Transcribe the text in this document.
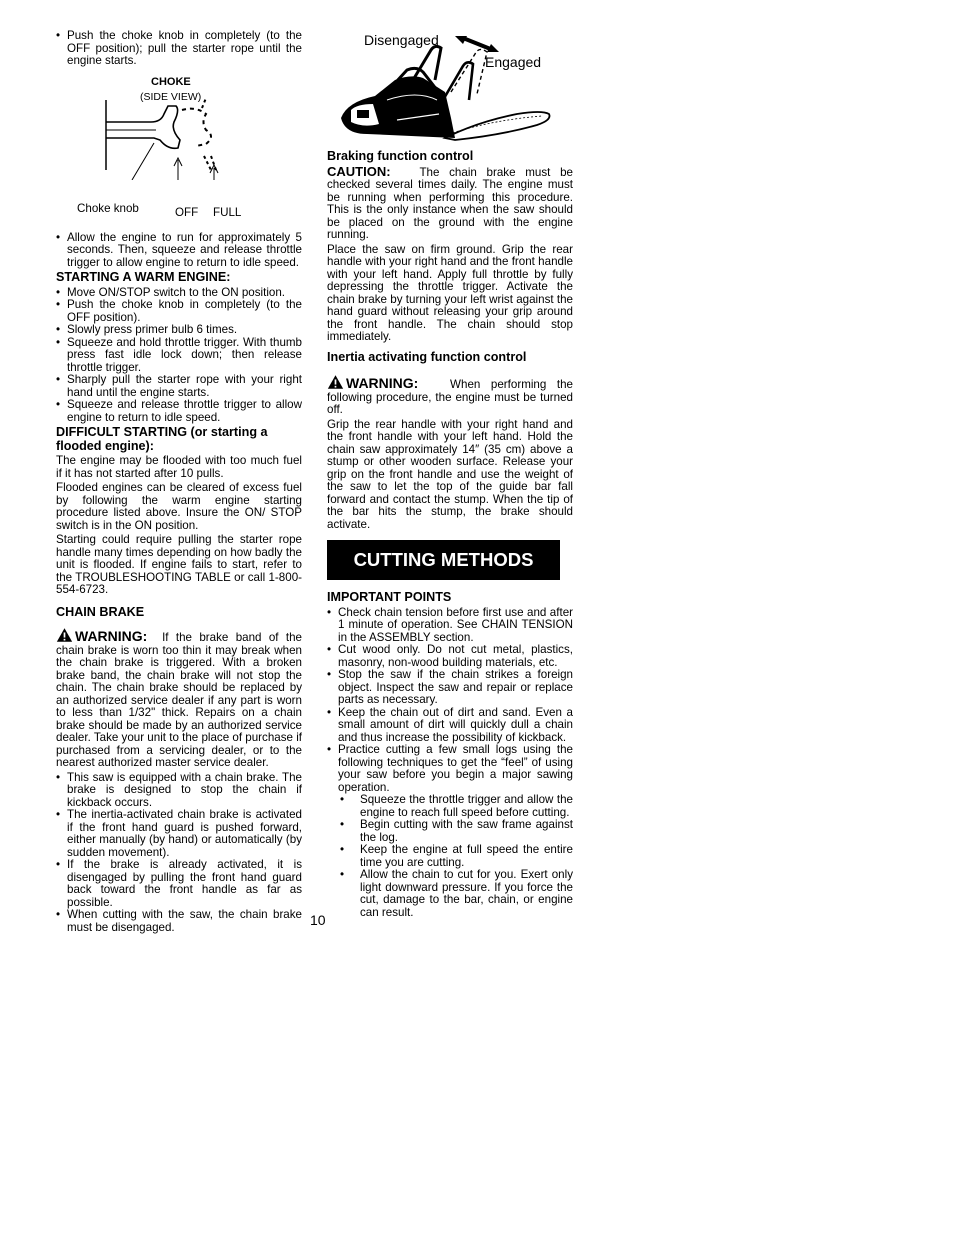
• Push the choke knob in completely (to the OFF position); pull the starter rope until the engine starts.
CHOKE
(SIDE VIEW)
Choke knob	OFF FULL
• Allow the engine to run for approximately 5 seconds. Then, squeeze and release throttle trigger to allow engine to return to idle speed.
STARTING A WARM ENGINE:
• Move ON/STOP switch to the ON position.
• Push the choke knob in completely (to the OFF position).
• Slowly press primer bulb 6 times.
• Squeeze and hold throttle trigger. With thumb press fast idle lock down; then release throttle trigger.
• Sharply pull the starter rope with your right hand until the engine starts.
• Squeeze and release throttle trigger to allow engine to return to idle speed.
DIFFICULT STARTING (or starting a flooded engine):

The engine may be flooded with too much fuel if it has not started after 10 pulls.

Flooded engines can be cleared of excess fuel by following the warm engine starting procedure listed above. Insure the ON/ STOP switch is in the ON position.

Starting could require pulling the starter rope handle many times depending on how badly the unit is flooded. If engine fails to start, refer to the TROUBLESHOOTING TABLE or call 1-800-554-6723.

CHAIN BRAKE

WARNING: If the brake band of the chain brake is worn too thin it may break when the chain brake is triggered. With a broken brake band, the chain brake will not stop the chain. The chain brake should be replaced by an authorized service dealer if any part is worn to less than 1/32" thick. Repairs on a chain brake should be made by an authorized service dealer. Take your unit to the place of purchase if purchased from a servicing dealer, or to the nearest authorized master service dealer.

• This saw is equipped with a chain brake. The brake is designed to stop the chain if kickback occurs.
• The inertia-activated chain brake is activated if the front hand guard is pushed forward, either manually (by hand) or automatically (by sudden movement).
• If the brake is already activated, it is disengaged by pulling the front hand guard back toward the front handle as far as possible.
• When cutting with the saw, the chain brake must be disengaged.
Disengaged
Engaged
Braking function control

CAUTION: The chain brake must be checked several times daily. The engine must be running when performing this procedure. This is the only instance when the saw should be placed on the ground with the engine running.

Place the saw on firm ground. Grip the rear handle with your right hand and the front handle with your left hand. Apply full throttle by fully depressing the throttle trigger. Activate the chain brake by turning your left wrist against the hand guard without releasing your grip around the front handle. The chain should stop immediately.

Inertia activating function control

WARNING:	When performing the following procedure, the engine must be turned off.

Grip the rear handle with your right hand and the front handle with your left hand. Hold the chain saw approximately 14″ (35 cm) above a stump or other wooden surface. Release your grip on the front handle and use the weight of the saw to let the top of the guide bar fall forward and contact the stump. When the tip of the bar hits the stump, the brake should activate.

CUTTING METHODS
IMPORTANT POINTS
• Check chain tension before first use and after 1 minute of operation. See CHAIN TENSION in the ASSEMBLY section.
• Cut wood only. Do not cut metal, plastics, masonry, non-wood building materials, etc.
• Stop the saw if the chain strikes a foreign object. Inspect the saw and repair or replace parts as necessary.
• Keep the chain out of dirt and sand. Even a small amount of dirt will quickly dull a chain and thus increase the possibility of kickback.
• Practice cutting a few small logs using the following techniques to get the “feel” of using your saw before you begin a major sawing operation.
• Squeeze the throttle trigger and allow the engine to reach full speed before cutting.
• Begin cutting with the saw frame against the log.
• Keep the engine at full speed the entire time you are cutting.
• Allow the chain to cut for you. Exert only light downward pressure. If you force the cut, damage to the bar, chain, or engine can result.
10
